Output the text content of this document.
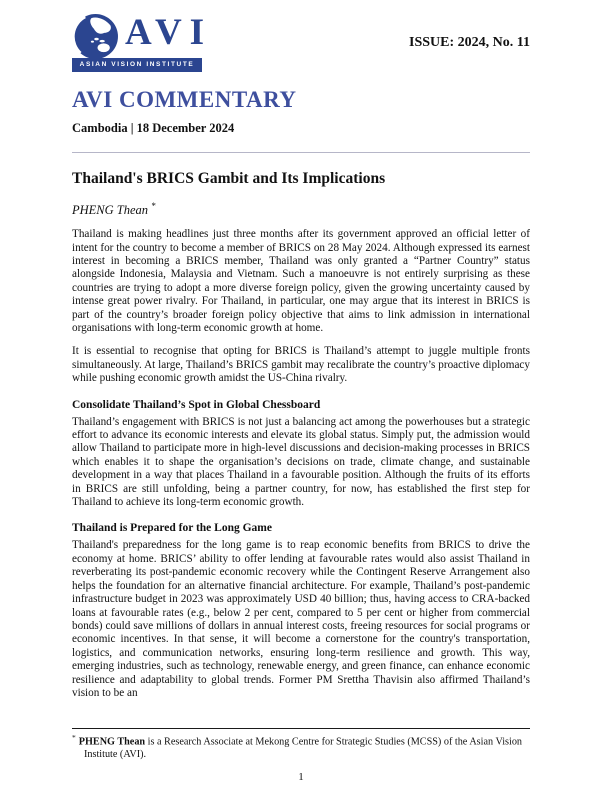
AVI
ASIAN VISION INSTITUTE
ISSUE: 2024, No. 11
AVI COMMENTARY
Cambodia | 18 December 2024
Thailand's BRICS Gambit and Its Implications
PHENG Thean *
Thailand is making headlines just three months after its government approved an official letter of intent for the country to become a member of BRICS on 28 May 2024. Although expressed its earnest interest in becoming a BRICS member, Thailand was only granted a “Partner Country” status alongside Indonesia, Malaysia and Vietnam. Such a manoeuvre is not entirely surprising as these countries are trying to adopt a more diverse foreign policy, given the growing uncertainty caused by intense great power rivalry. For Thailand, in particular, one may argue that its interest in BRICS is part of the country’s broader foreign policy objective that aims to link admission in international organisations with long-term economic growth at home.
It is essential to recognise that opting for BRICS is Thailand’s attempt to juggle multiple fronts simultaneously. At large, Thailand’s BRICS gambit may recalibrate the country’s proactive diplomacy while pushing economic growth amidst the US-China rivalry.
Consolidate Thailand’s Spot in Global Chessboard
Thailand’s engagement with BRICS is not just a balancing act among the powerhouses but a strategic effort to advance its economic interests and elevate its global status. Simply put, the admission would allow Thailand to participate more in high-level discussions and decision-making processes in BRICS which enables it to shape the organisation’s decisions on trade, climate change, and sustainable development in a way that places Thailand in a favourable position. Although the fruits of its efforts in BRICS are still unfolding, being a partner country, for now, has established the first step for Thailand to achieve its long-term economic growth.
Thailand is Prepared for the Long Game
Thailand's preparedness for the long game is to reap economic benefits from BRICS to drive the economy at home. BRICS’ ability to offer lending at favourable rates would also assist Thailand in reverberating its post-pandemic economic recovery while the Contingent Reserve Arrangement also helps the foundation for an alternative financial architecture. For example, Thailand’s post-pandemic infrastructure budget in 2023 was approximately USD 40 billion; thus, having access to CRA-backed loans at favourable rates (e.g., below 2 per cent, compared to 5 per cent or higher from commercial bonds) could save millions of dollars in annual interest costs, freeing resources for social programs or economic incentives. In that sense, it will become a cornerstone for the country's transportation, logistics, and communication networks, ensuring long-term resilience and growth. This way, emerging industries, such as technology, renewable energy, and green finance, can enhance economic resilience and adaptability to global trends. Former PM Srettha Thavisin also affirmed Thailand’s vision to be an
* PHENG Thean is a Research Associate at Mekong Centre for Strategic Studies (MCSS) of the Asian Vision Institute (AVI).
1
